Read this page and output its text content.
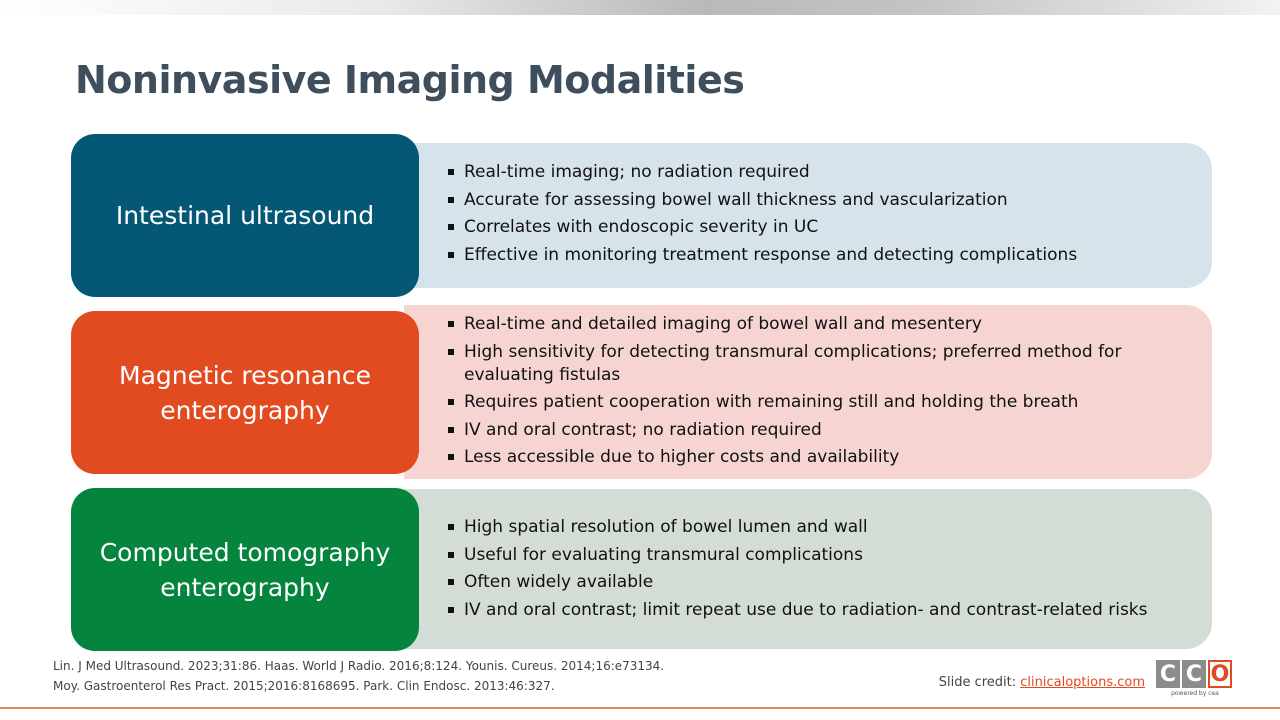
Noninvasive Imaging Modalities
Intestinal ultrasound
Real-time imaging; no radiation required
Accurate for assessing bowel wall thickness and vascularization
Correlates with endoscopic severity in UC
Effective in monitoring treatment response and detecting complications
Magnetic resonance enterography
Real-time and detailed imaging of bowel wall and mesentery
High sensitivity for detecting transmural complications; preferred method for evaluating fistulas
Requires patient cooperation with remaining still and holding the breath
IV and oral contrast; no radiation required
Less accessible due to higher costs and availability
Computed tomography enterography
High spatial resolution of bowel lumen and wall
Useful for evaluating transmural complications
Often widely available
IV and oral contrast; limit repeat use due to radiation- and contrast-related risks
Lin. J Med Ultrasound. 2023;31:86. Haas. World J Radio. 2016;8:124. Younis. Cureus. 2014;16:e73134.
Moy. Gastroenterol Res Pract. 2015;2016:8168695. Park. Clin Endosc. 2013:46:327.	Slide credit: clinicaloptions.com C C O
powered by cea
